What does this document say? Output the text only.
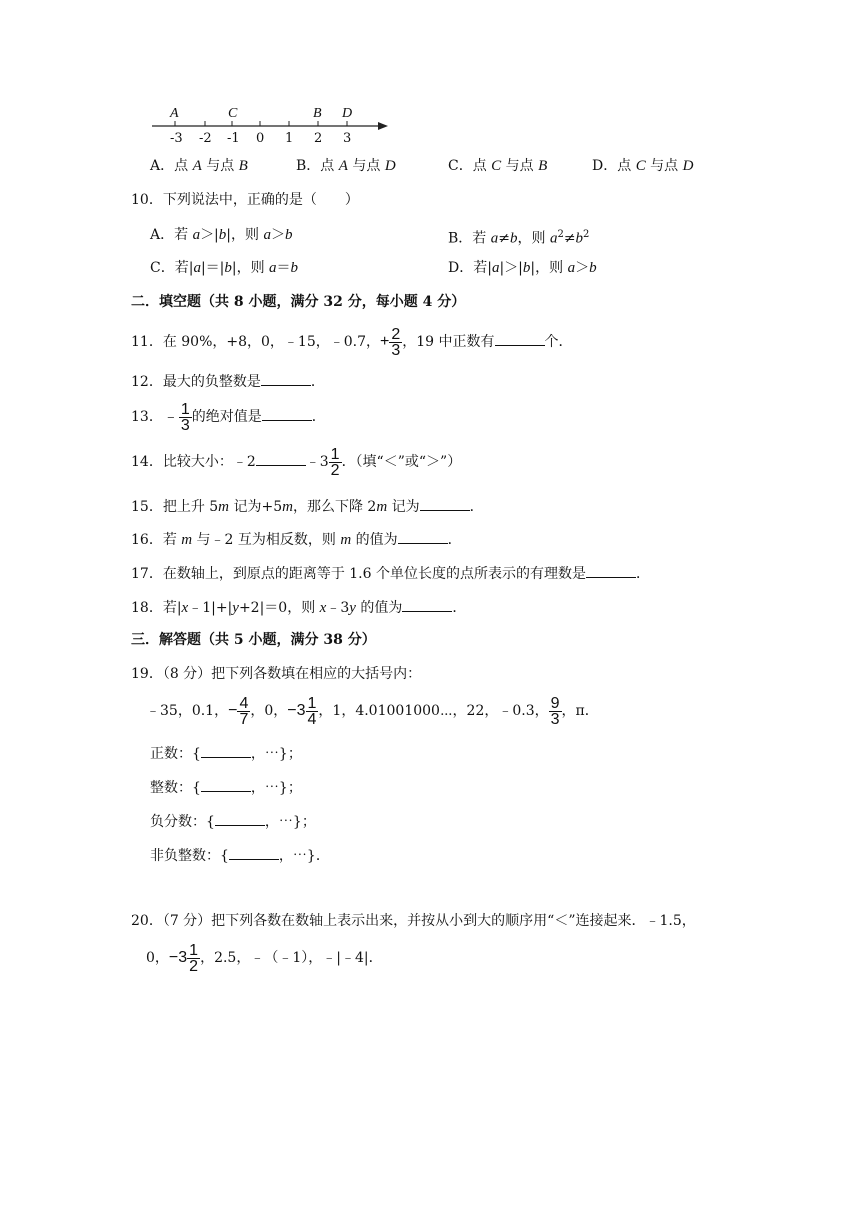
A	C	B D
-3 -2 -1 0 1 2 3
A．点 A 与点 B	B．点 A 与点 D	C．点 C 与点 B	D．点 C 与点 D
10．下列说法中，正确的是（　　）
A．若 a＞|b|，则 a＞b	B．若 a≠b，则 $a^2\ne b^2$
C．若|a|＝|b|，则 a＝b	D．若|a|＞|b|，则 a＞b
二．填空题（共 8 小题，满分 32 分，每小题 4 分）
11．在 90%，+8，0，﹣15，﹣0.7，+ $\frac{2}{3}$ ，19 中正数有	个．
12．最大的负整数是	．
13．﹣ $\frac{1}{3}$ 的绝对值是	．
14．比较大小：﹣2	﹣3 $\frac{1}{2}$ ．（填“＜”或“＞”）
15．把上升 5m 记为+5m，那么下降 2m 记为	．
16．若 m 与﹣2 互为相反数，则 m 的值为	．
17．在数轴上，到原点的距离等于 1.6 个单位长度的点所表示的有理数是	．
18．若|x﹣1|+|y+2|＝0，则 x﹣3y 的值为	．
三．解答题（共 5 小题，满分 38 分）
19．（8 分）把下列各数填在相应的大括号内：
﹣35，0.1，− $\frac{4}{7}$ ，0，$-3 \frac{1}{4}$ ，1，4.01001000⋯，22，﹣0.3， $\frac{9}{3}$ ，π．
正数：{	，⋯}；
整数：{	，⋯}；
负分数：{	，⋯}；
非负整数：{	，⋯}．
20．（7 分）把下列各数在数轴上表示出来，并按从小到大的顺序用“＜”连接起来．﹣1.5，
0，$-3 \frac{1}{2}$ ，2.5，﹣（﹣1），﹣|﹣4|．
